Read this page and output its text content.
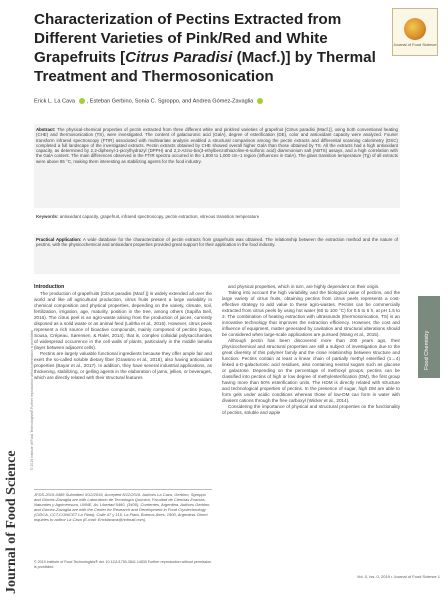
Journal of Food Science
Characterization of Pectins Extracted from Different Varieties of Pink/Red and White Grapefruits [Citrus Paradisi (Macf.)] by Thermal Treatment and Thermosonication
Erick L. La Cava , Esteban Gerbino, Sonia C. Sgroppo, and Andrea Gómez-Zavaglia
Abstract: The physical-chemical properties of pectin extracted from three different white and pink/red varieties of grapefruit [Citrus paradisi (Macf.)], using both conventional heating (CHE) and thermosonication (TS), were investigated. The content of galacturonic acid (GalA), degree of esterification (DE), color and antioxidant capacity were analyzed. Fourier transform infrared spectroscopy (FTIR) associated with multivariate analysis enabled a structural comparison among the pectin extracts and differential scanning calorimetry (DSC) completed a full landscape of the investigated extracts. Pectin extracts obtained by CHE showed overall higher GalA than those obtained by TS. All the extracts had a high antioxidant capacity, as determined by 2,2-diphenyl-1-picrylhydrazyl (DPPH) and 2,2-Azino-bis(3-ethylbenzothiazoline-6-sulfonic acid) diammonium salt (ABTS) assays, and a high correlation with the GalA content. The main differences observed in the FTIR spectra occurred in the 1,800 to 1,000 cm−1 region (influences in GalA). The glass transition temperature (Tg) of all extracts were above 85 °C, making them interesting as stabilizing agents for the food industry.
Keywords: antioxidant capacity, grapefruit, infrared spectroscopy, pectin extraction, vitreous transition temperature
Practical Application: A wide database for the characterization of pectin extracts from grapefruits was obtained. The relationship between the extraction method and the nature of pectins, with the physicochemical and antioxidant properties provided great support for their application in the food industry.
Introduction

The production of grapefruits [Citrus paradisi (Macf.)] is widely extended all over the world and like all agricultural production, citrus fruits present a large variability in chemical composition and physical properties, depending on the variety, climate, soil, fertilization, irrigation, age, maturity, position in the tree, among others (Sapiña Bell, 2016). The citrus peel is an agro-waste arising from the production of juices, currently disposed as a solid waste or as animal feed (Lalitha et al., 2016). However, citrus peels represent a rich source of bioactive compounds, mainly composed of pectins (Kaya, Sousa, Crépeau, Sørensen, & Ralet, 2014), that is, complex colloidal polysaccharides of widespread occurrence in the cell walls of plants, particularly in the middle lamella (layer between adjacent cells).

Pectins are largely valuable functional ingredients because they offer ample fair and exert the so-called soluble dietary fiber (Grassino et al., 2016), also having antioxidant properties (Bayar et al., 2017). In addition, they have several industrial applications, as thickening, stabilizing, or gelling agents in the elaboration of jams, jellies, or beverages, which are directly related with their structural features

and physical properties, which in turn, are highly dependent on their origin.

Taking into account the high variability, and the biological value of pectins, and the large variety of citrus fruits, obtaining pectins from citrus peels represents a cost-effective strategy to add value to these agro-wastes. Pectins can be commercially extracted from citrus peels by using hot water (60 to 100 °C) for 0.5 to 6 h, at pH 1.5 to 3. The combination of heating extraction with ultrasounds (thermosonication, TS) is an innovative technology that improves the extraction efficiency. However, the cost and influence of equipment, matter generated by cavitation and structural alterations should be considered when large-scale applications are pursued (Wang et al., 2015).

Although pectin has been discovered more than 200 years ago, their physicochemical and structural properties are still a subject of investigation due to the great diversity of this polymer family and the close relationship between structure and function. Pectins contain at least a linear chain of partially methyl esterified (1→4) linked α-D-galacturonic acid residues, also containing neutral sugars such as glucose or galactose. Depending on the percentage of methoxyl groups, pectins can be classified into pectins of high or low degree of methylesterification (DM), the first group having more than 50% esterification units. The HDM is directly related with structure and technological properties of pectins. In the presence of sugar, high DM are able to form gels under acidic conditions whereas those of low-DM can form in water with divalent cations through the free carboxyl (Wicker et al., 2014).

Considering the importance of physical and structural properties on the functionality of pectins, soluble and apple

JFDS-2019-0488 Submitted 3/12/2019, Accepted 8/12/2019. Authors La Cava, Gerbino, Sgroppo and Gómez-Zavaglia are with Laboratorio de Tecnología Química, Facultad de Ciencias Exactas, Naturales y Agrimensura, UNNE, Av. Libertad 5460, (3400), Corrientes, Argentina. Authors Gerbino and Gómez-Zavaglia are with the Center for Research and Development in Food Cryotechnology (CIDCA, CCT-CONICET La Plata), Calle 47 y 116, La Plata, Buenos Aires, 1900, Argentina. Direct inquiries to author La Cava (E-mail: Ericklacava@hotmail.com).
© 2019 Institute of Food Technologists® doi: 10.1111/1750-3841.14830 Further reproduction without permission is prohibited
Vol. 0, Iss. 0, 2019 • Journal of Food Science 1
Journal of Food Science
© 2019 Institute of Food Technologists® Further reproduction without permission is prohibited	Food Chemistry
